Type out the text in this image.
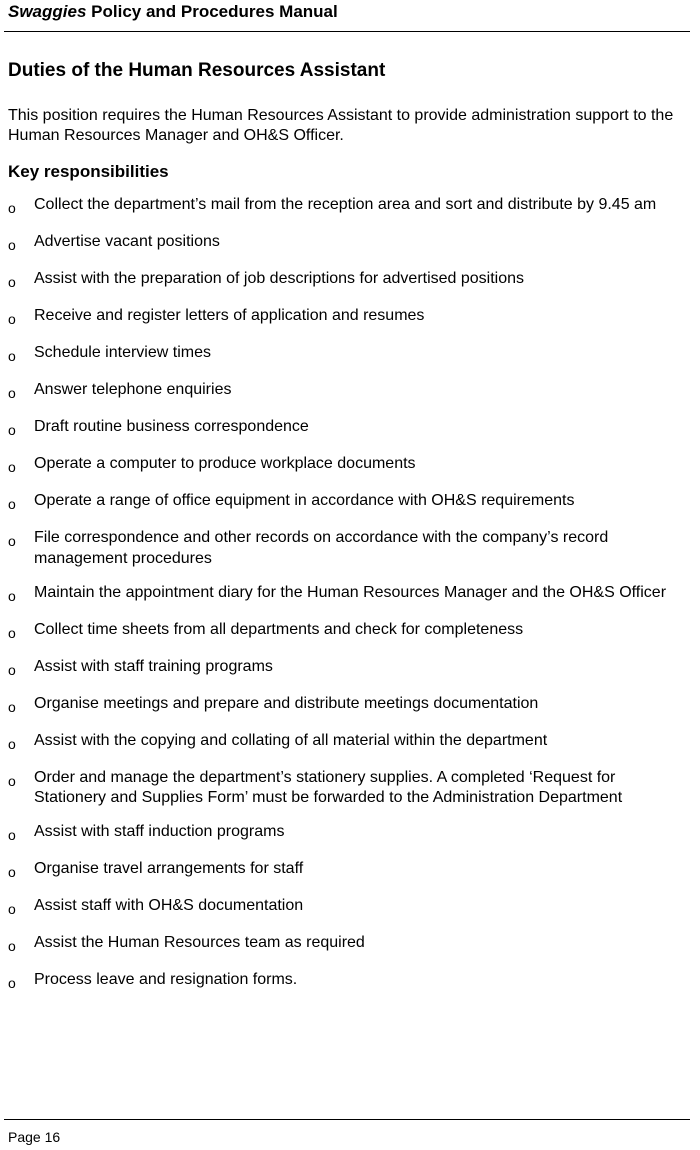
Swaggies Policy and Procedures Manual
Duties of the Human Resources Assistant

This position requires the Human Resources Assistant to provide administration support to the Human Resources Manager and OH&S Officer.

Key responsibilities
o	Collect the department’s mail from the reception area and sort and distribute by 9.45 am
o	Advertise vacant positions
o	Assist with the preparation of job descriptions for advertised positions
o	Receive and register letters of application and resumes
o	Schedule interview times
o	Answer telephone enquiries
o	Draft routine business correspondence
o	Operate a computer to produce workplace documents
o	Operate a range of office equipment in accordance with OH&S requirements
o	File correspondence and other records on accordance with the company’s record management procedures
o	Maintain the appointment diary for the Human Resources Manager and the OH&S Officer
o	Collect time sheets from all departments and check for completeness
o	Assist with staff training programs
o	Organise meetings and prepare and distribute meetings documentation
o	Assist with the copying and collating of all material within the department
o	Order and manage the department’s stationery supplies. A completed ‘Request for Stationery and Supplies Form’ must be forwarded to the Administration Department
o	Assist with staff induction programs
o	Organise travel arrangements for staff
o	Assist staff with OH&S documentation
o	Assist the Human Resources team as required
o	Process leave and resignation forms.
Page 16
